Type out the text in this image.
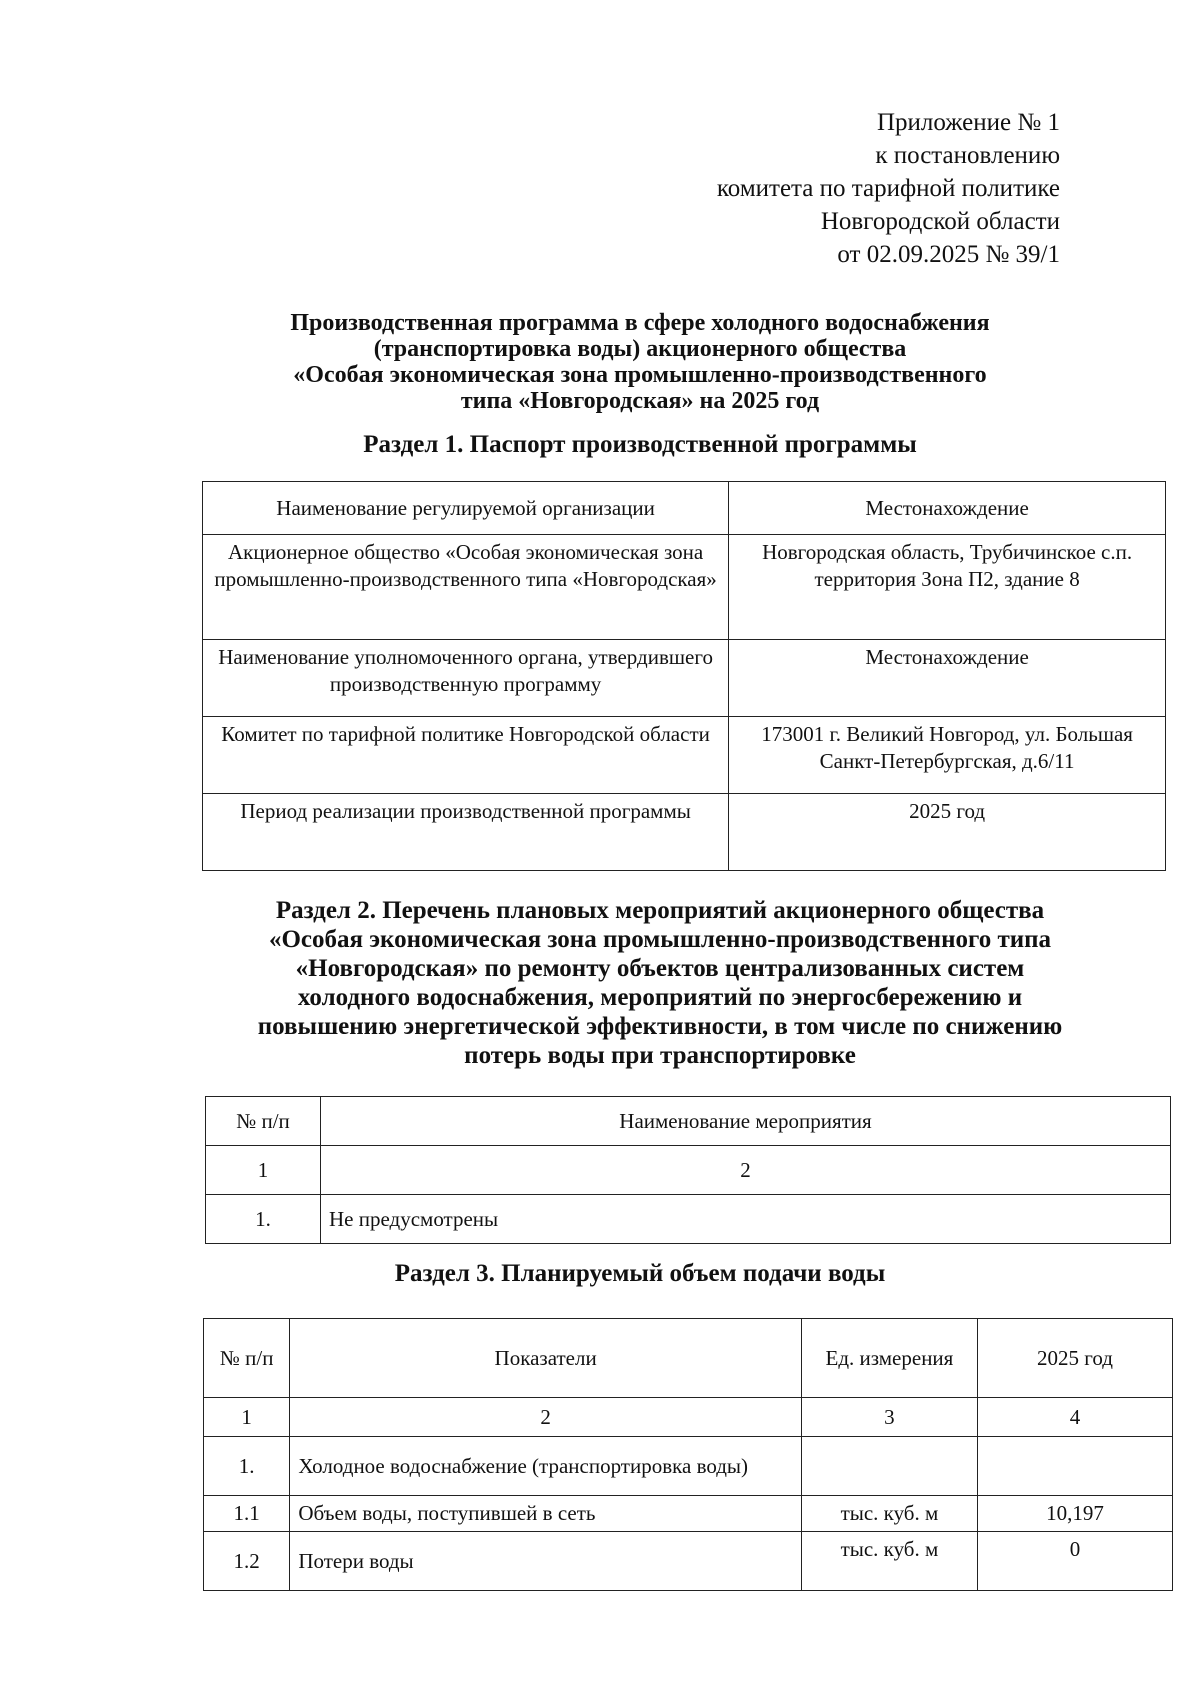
Приложение № 1
к постановлению
комитета по тарифной политике
Новгородской области
от 02.09.2025 № 39/1
Производственная программа в сфере холодного водоснабжения
(транспортировка воды) акционерного общества
«Особая экономическая зона промышленно-производственного
типа «Новгородская» на 2025 год
Раздел 1. Паспорт производственной программы
Наименование регулируемой организации	Местонахождение
Акционерное общество «Особая экономическая зона промышленно-производственного типа «Новгородская»	Новгородская область, Трубичинское с.п. территория Зона П2, здание 8
Наименование уполномоченного органа, утвердившего производственную программу	Местонахождение
Комитет по тарифной политике Новгородской области	173001 г. Великий Новгород, ул. Большая Санкт-Петербургская, д.6/11
Период реализации производственной программы	2025 год
Раздел 2. Перечень плановых мероприятий акционерного общества
«Особая экономическая зона промышленно-производственного типа
«Новгородская» по ремонту объектов централизованных систем
холодного водоснабжения, мероприятий по энергосбережению и
повышению энергетической эффективности, в том числе по снижению
потерь воды при транспортировке
№ п/п	Наименование мероприятия
1	2
1.	Не предусмотрены
Раздел 3. Планируемый объем подачи воды
№ п/п	Показатели	Ед. измерения	2025 год
1	2	3	4
1.	Холодное водоснабжение (транспортировка воды)		
1.1	Объем воды, поступившей в сеть	тыс. куб. м	10,197
1.2	Потери воды	тыс. куб. м	0
